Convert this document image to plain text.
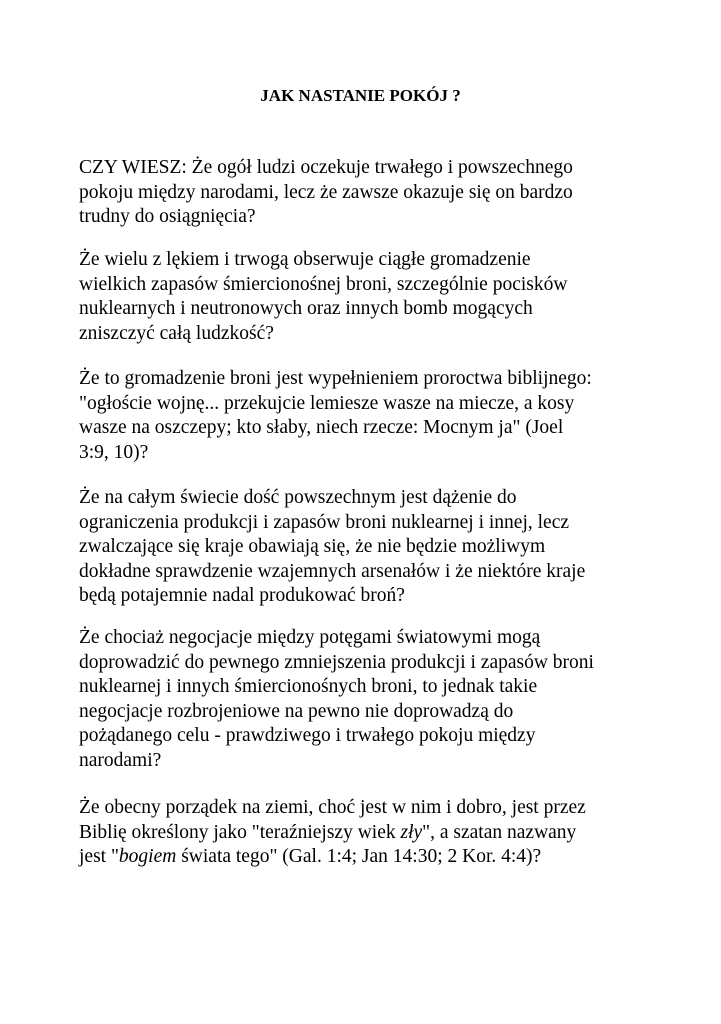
JAK NASTANIE POKÓJ ?

CZY WIESZ: Że ogół ludzi oczekuje trwałego i powszechnego
pokoju między narodami, lecz że zawsze okazuje się on bardzo
trudny do osiągnięcia?

Że wielu z lękiem i trwogą obserwuje ciągłe gromadzenie
wielkich zapasów śmiercionośnej broni, szczególnie pocisków
nuklearnych i neutronowych oraz innych bomb mogących
zniszczyć całą ludzkość?

Że to gromadzenie broni jest wypełnieniem proroctwa biblijnego:
"ogłoście wojnę... przekujcie lemiesze wasze na miecze, a kosy
wasze na oszczepy; kto słaby, niech rzecze: Mocnym ja" (Joel
3:9, 10)?

Że na całym świecie dość powszechnym jest dążenie do
ograniczenia produkcji i zapasów broni nuklearnej i innej, lecz
zwalczające się kraje obawiają się, że nie będzie możliwym
dokładne sprawdzenie wzajemnych arsenałów i że niektóre kraje
będą potajemnie nadal produkować broń?

Że chociaż negocjacje między potęgami światowymi mogą
doprowadzić do pewnego zmniejszenia produkcji i zapasów broni
nuklearnej i innych śmiercionośnych broni, to jednak takie
negocjacje rozbrojeniowe na pewno nie doprowadzą do
pożądanego celu - prawdziwego i trwałego pokoju między
narodami?

Że obecny porządek na ziemi, choć jest w nim i dobro, jest przez
Biblię określony jako "teraźniejszy wiek zły", a szatan nazwany
jest "bogiem świata tego" (Gal. 1:4; Jan 14:30; 2 Kor. 4:4)?
